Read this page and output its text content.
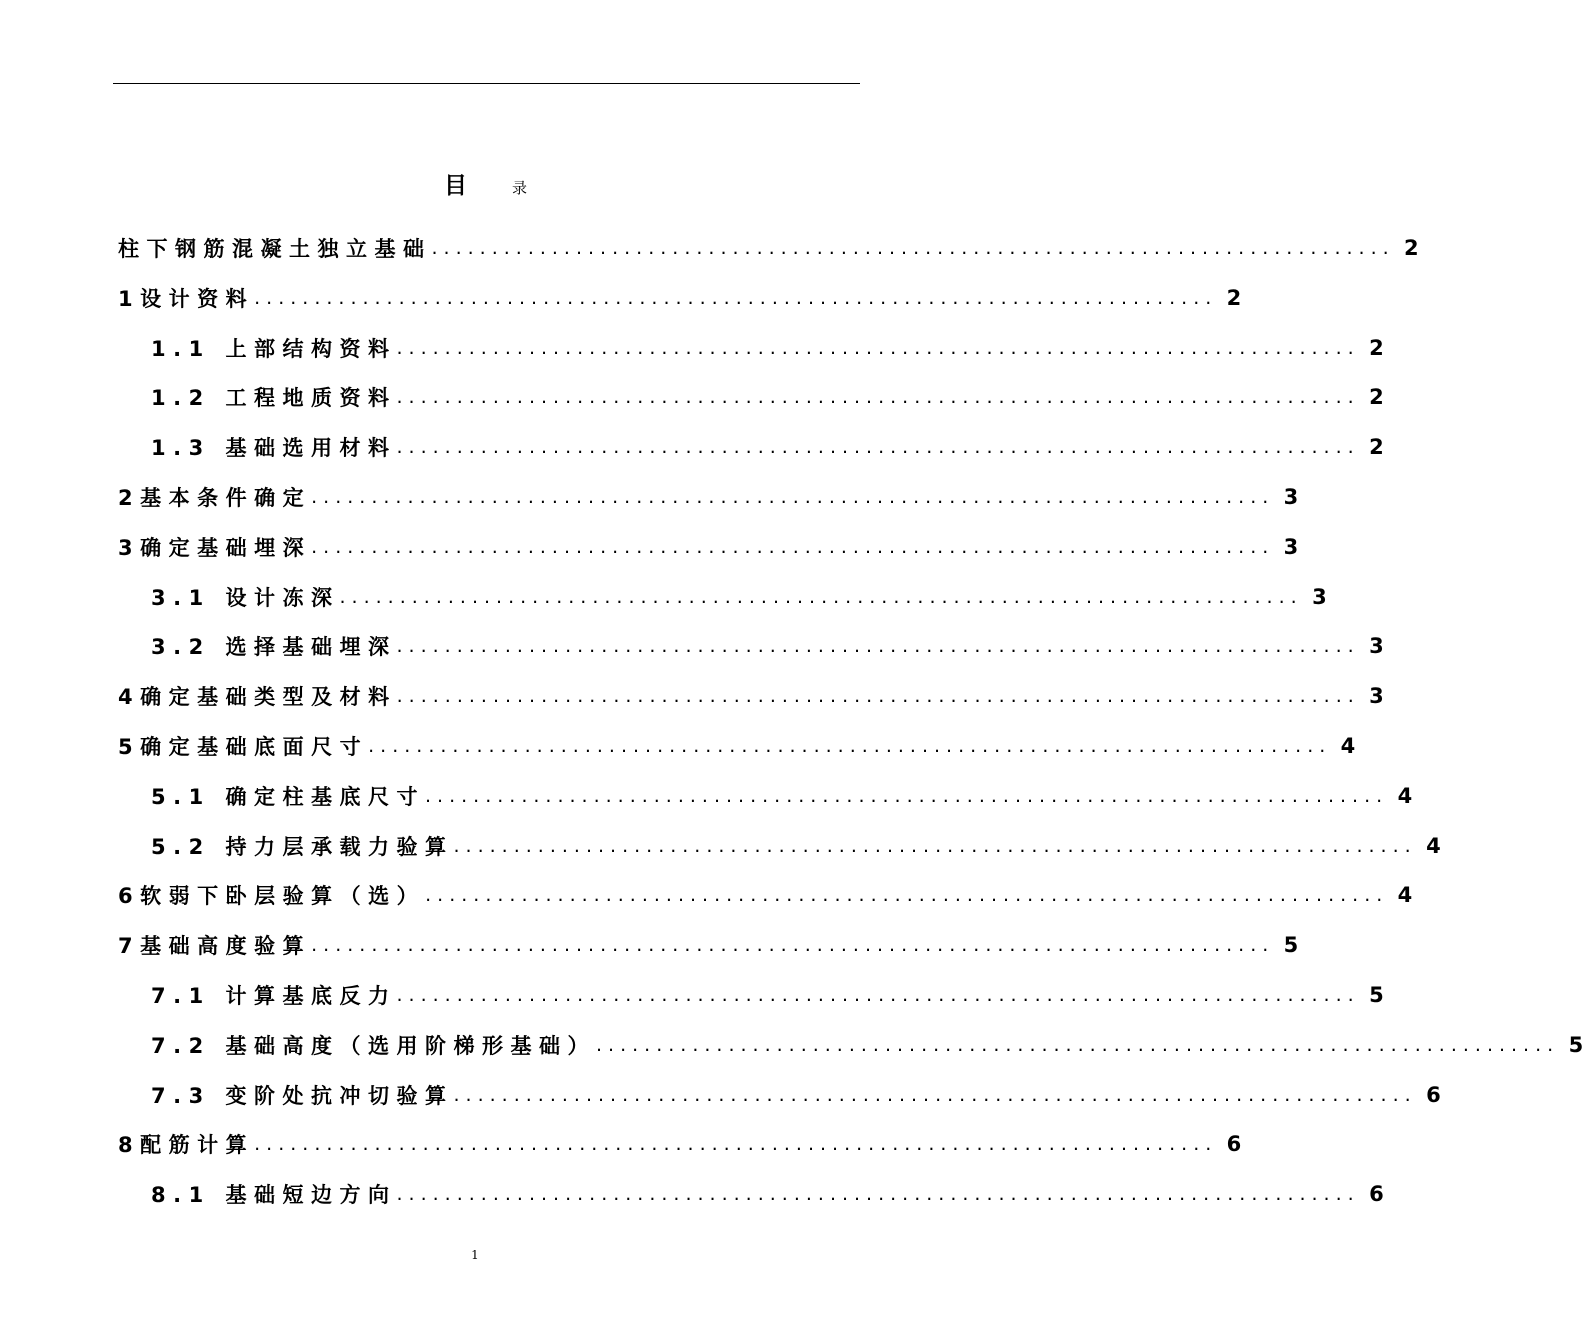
目	录
柱下钢筋混凝土独立基础 ................................................................................ 2
1设计资料 ................................................................................ 2
1.1 上部结构资料 ................................................................................ 2
1.2 工程地质资料 ................................................................................ 2
1.3 基础选用材料 ................................................................................ 2
2基本条件确定 ................................................................................ 3
3确定基础埋深 ................................................................................ 3
3.1 设计冻深 ................................................................................ 3
3.2 选择基础埋深 ................................................................................ 3
4确定基础类型及材料 ................................................................................ 3
5确定基础底面尺寸 ................................................................................ 4
5.1 确定柱基底尺寸 ................................................................................ 4
5.2 持力层承载力验算 ................................................................................ 4
6软弱下卧层验算（选） ................................................................................ 4
7基础高度验算 ................................................................................ 5
7.1 计算基底反力 ................................................................................ 5
7.2 基础高度（选用阶梯形基础） ................................................................................ 5
7.3 变阶处抗冲切验算 ................................................................................ 6
8配筋计算 ................................................................................ 6
8.1 基础短边方向 ................................................................................ 6
1
